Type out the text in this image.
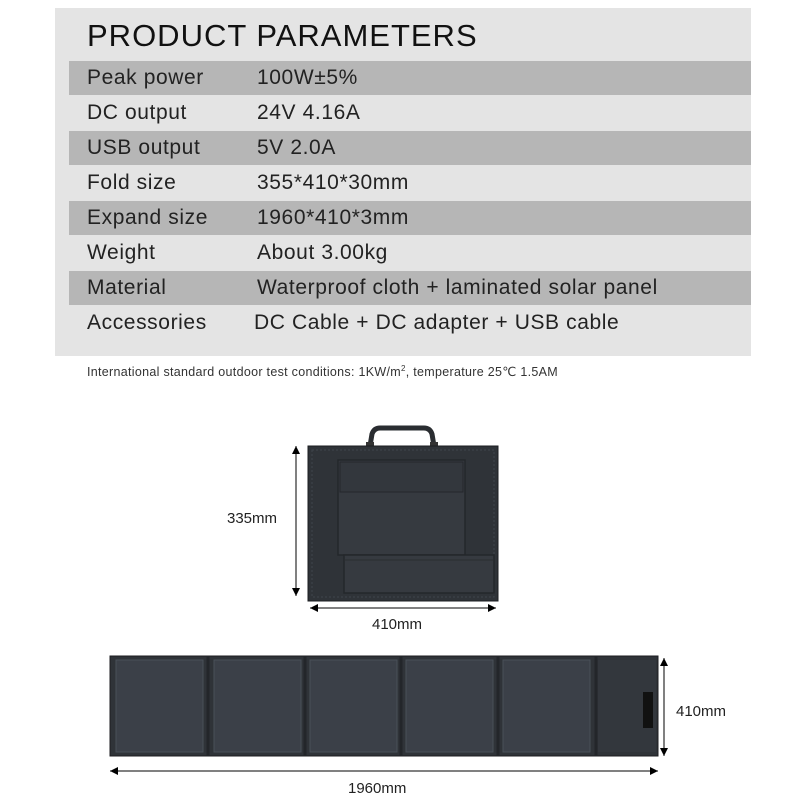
PRODUCT PARAMETERS
Peak power	100W±5%
DC output	24V 4.16A
USB output	5V 2.0A
Fold size	355*410*30mm
Expand size 1960*410*3mm
Weight	About 3.00kg
Material	Waterproof cloth + laminated solar panel
Accessories DC Cable + DC adapter + USB cable
International standard outdoor test conditions: $1KW/m^2$, temperature 25℃ 1.5AM
335mm
410mm
410mm
1960mm
